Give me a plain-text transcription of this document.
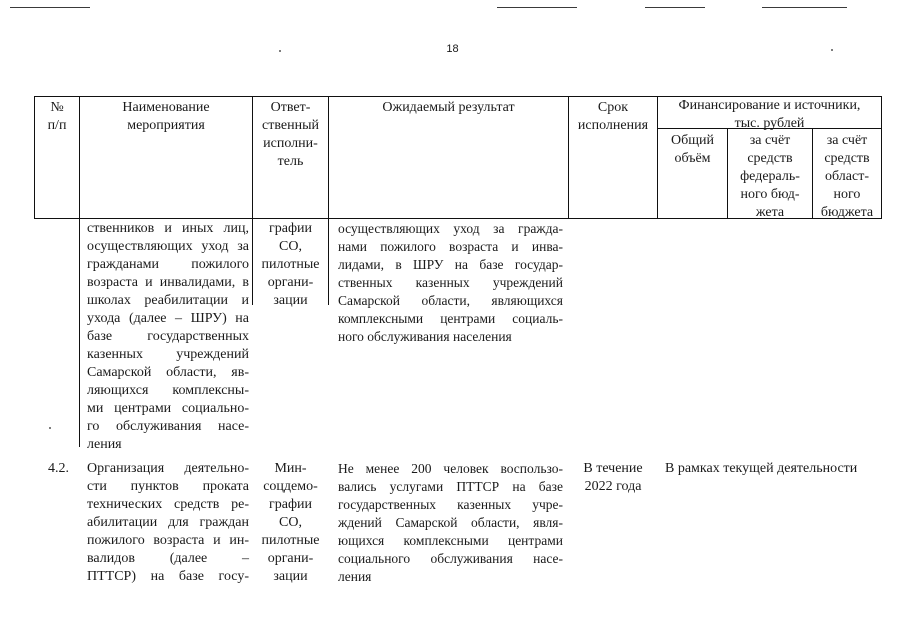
18
№
п/п
Наименование
мероприятия
Ответ-
ственный
исполни-
тель
Ожидаемый результат	Срок
исполнения
Финансирование и источники,
тыс. рублей
Общий
объём
за счёт
средств
федераль-
ного бюд-
жета
за счёт
средств
област-
ного
бюджета
ственников и иных лиц,
осуществляющих уход за
гражданами пожилого
возраста и инвалидами, в
школах реабилитации и
ухода (далее – ШРУ) на
базе государственных
казенных учреждений
Самарской области, яв-
ляющихся комплексны-
ми центрами социально-
го обслуживания насе-
ления
графии
СО,
пилотные
органи-
зации
осуществляющих уход за гражда-
нами пожилого возраста и инва-
лидами, в ШРУ на базе государ-
ственных казенных учреждений
Самарской области, являющихся
комплексными центрами социаль-
ного обслуживания населения
4.2.	Организация деятельно-
сти пунктов проката
технических средств ре-
абилитации для граждан
пожилого возраста и ин-
валидов (далее –
ПТТСР) на базе госу-
Мин-
соцдемо-
графии
СО,
пилотные
органи-
зации
Не менее 200 человек воспользо-
вались услугами ПТТСР на базе
государственных казенных учре-
ждений Самарской области, явля-
ющихся комплексными центрами
социального обслуживания насе-
ления
В течение
2022 года
В рамках текущей деятельности
